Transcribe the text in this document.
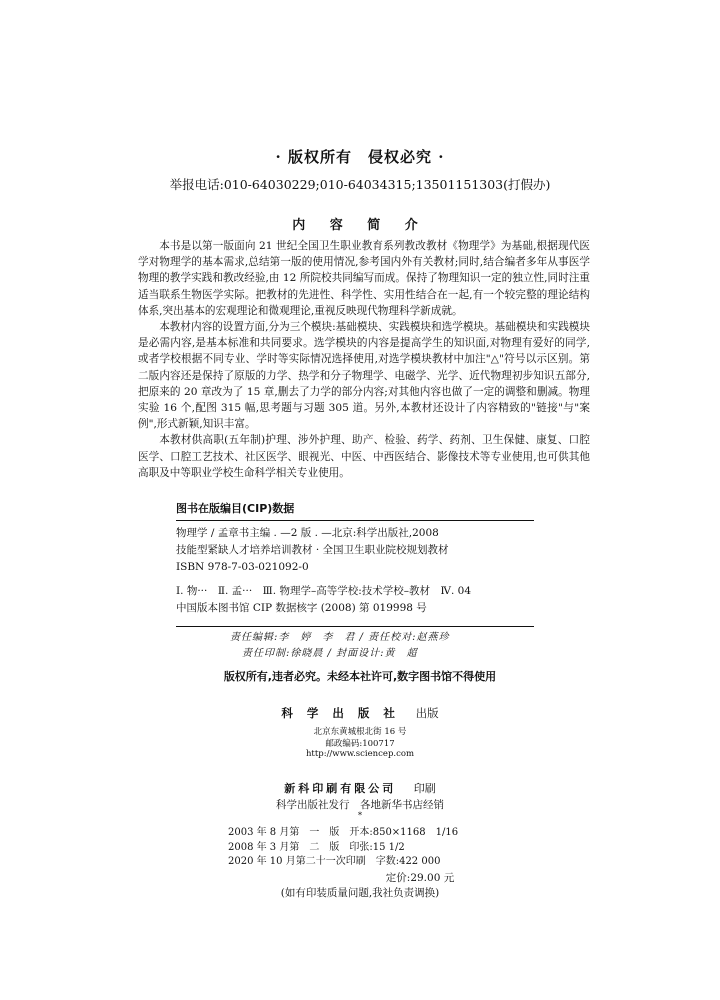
· 版权所有　侵权必究 ·
举报电话:010-64030229;010-64034315;13501151303(打假办)
内 容 简 介

本书是以第一版面向 21 世纪全国卫生职业教育系列教改教材《物理学》为基础,根据现代医学对物理学的基本需求,总结第一版的使用情况,参考国内外有关教材;同时,结合编者多年从事医学物理的教学实践和教改经验,由 12 所院校共同编写而成。保持了物理知识一定的独立性,同时注重适当联系生物医学实际。把教材的先进性、科学性、实用性结合在一起,有一个较完整的理论结构体系,突出基本的宏观理论和微观理论,重视反映现代物理科学新成就。

本教材内容的设置方面,分为三个模块:基础模块、实践模块和选学模块。基础模块和实践模块是必需内容,是基本标准和共同要求。选学模块的内容是提高学生的知识面,对物理有爱好的同学,或者学校根据不同专业、学时等实际情况选择使用,对选学模块教材中加注"△"符号以示区别。第二版内容还是保持了原版的力学、热学和分子物理学、电磁学、光学、近代物理初步知识五部分,把原来的 20 章改为了 15 章,删去了力学的部分内容;对其他内容也做了一定的调整和删减。物理实验 16 个,配图 315 幅,思考题与习题 305 道。另外,本教材还设计了内容精致的"链接"与"案例",形式新颖,知识丰富。

本教材供高职(五年制)护理、涉外护理、助产、检验、药学、药剂、卫生保健、康复、口腔医学、口腔工艺技术、社区医学、眼视光、中医、中西医结合、影像技术等专业使用,也可供其他高职及中等职业学校生命科学相关专业使用。

图书在版编目(CIP)数据
物理学 / 孟章书主编 . —2 版 . —北京:科学出版社,2008
技能型紧缺人才培养培训教材 · 全国卫生职业院校规划教材
ISBN 978-7-03-021092-0
Ⅰ. 物···　Ⅱ. 孟···　Ⅲ. 物理学–高等学校:技术学校–教材　Ⅳ. 04
中国版本图书馆 CIP 数据核字 (2008) 第 019998 号
责任编辑:李　婷　李　君 / 责任校对:赵燕珍
责任印制:徐晓晨 / 封面设计:黄　超
版权所有,违者必究。未经本社许可,数字图书馆不得使用
科 学 出 版 社 出版
北京东黄城根北街 16 号
邮政编码:100717
http://www.sciencep.com
新科印刷有限公司 印刷
科学出版社发行　各地新华书店经销
*
2003 年 8 月第　一　版　开本:850×1168　1/16
2008 年 3 月第　二　版　印张:15 1/2
2020 年 10 月第二十一次印刷　字数:422 000
定价:29.00 元
(如有印装质量问题,我社负责调换)
